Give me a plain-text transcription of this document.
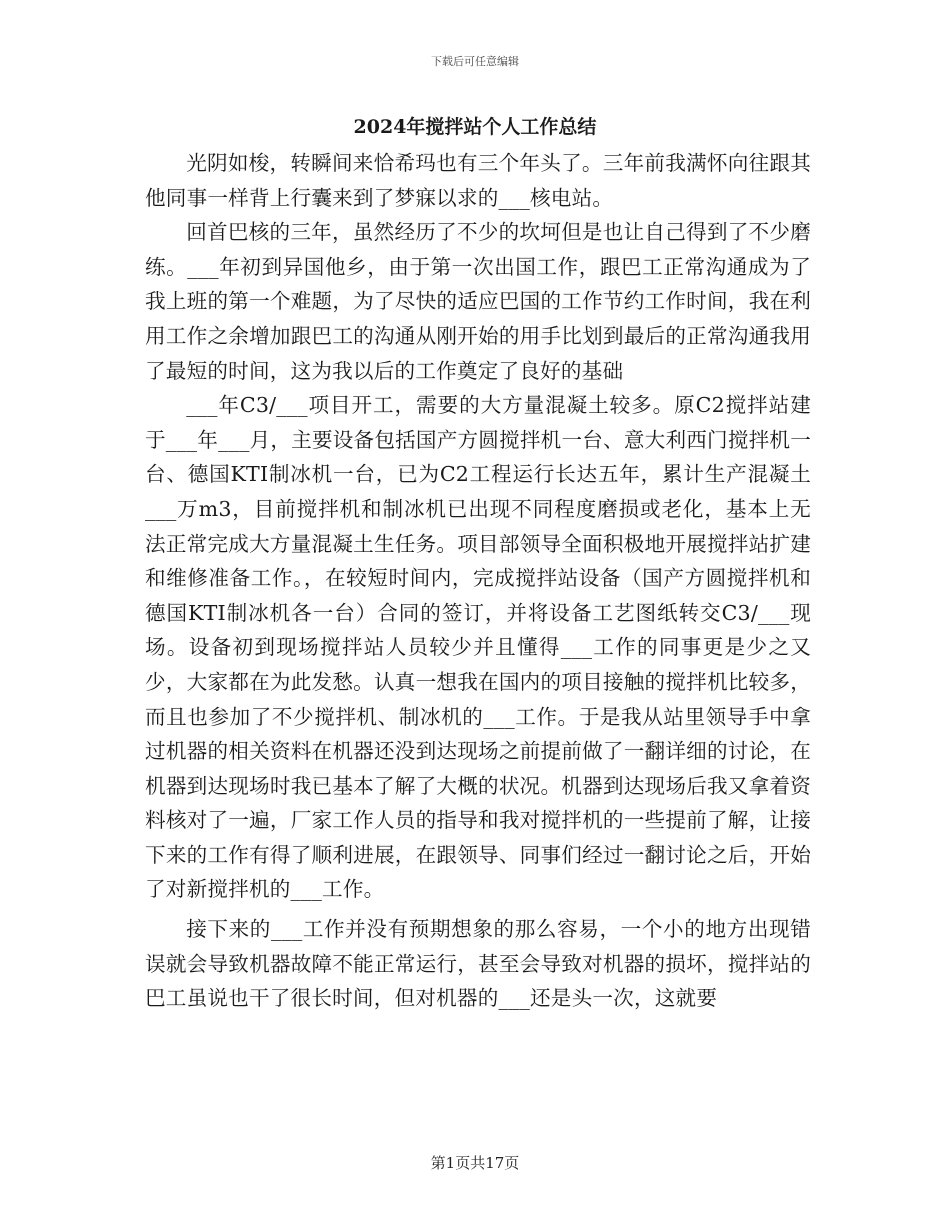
下载后可任意编辑
2024年搅拌站个人工作总结

光阴如梭，转瞬间来恰希玛也有三个年头了。三年前我满怀向往跟其他同事一样背上行囊来到了梦寐以求的___核电站。

回首巴核的三年，虽然经历了不少的坎坷但是也让自己得到了不少磨练。___年初到异国他乡，由于第一次出国工作，跟巴工正常沟通成为了我上班的第一个难题，为了尽快的适应巴国的工作节约工作时间，我在利用工作之余增加跟巴工的沟通从刚开始的用手比划到最后的正常沟通我用了最短的时间，这为我以后的工作奠定了良好的基础

___年C3/___项目开工，需要的大方量混凝土较多。原C2搅拌站建于___年___月，主要设备包括国产方圆搅拌机一台、意大利西门搅拌机一台、德国KTI制冰机一台，已为C2工程运行长达五年，累计生产混凝土___万m3，目前搅拌机和制冰机已出现不同程度磨损或老化，基本上无法正常完成大方量混凝土生任务。项目部领导全面积极地开展搅拌站扩建和维修准备工作。，在较短时间内，完成搅拌站设备（国产方圆搅拌机和德国KTI制冰机各一台）合同的签订，并将设备工艺图纸转交C3/___现场。设备初到现场搅拌站人员较少并且懂得___工作的同事更是少之又少，大家都在为此发愁。认真一想我在国内的项目接触的搅拌机比较多，而且也参加了不少搅拌机、制冰机的___工作。于是我从站里领导手中拿过机器的相关资料在机器还没到达现场之前提前做了一翻详细的讨论，在机器到达现场时我已基本了解了大概的状况。机器到达现场后我又拿着资料核对了一遍，厂家工作人员的指导和我对搅拌机的一些提前了解，让接下来的工作有得了顺利进展，在跟领导、同事们经过一翻讨论之后，开始了对新搅拌机的___工作。

接下来的___工作并没有预期想象的那么容易，一个小的地方出现错误就会导致机器故障不能正常运行，甚至会导致对机器的损坏，搅拌站的巴工虽说也干了很长时间，但对机器的___还是头一次，这就要

第1页共17页
